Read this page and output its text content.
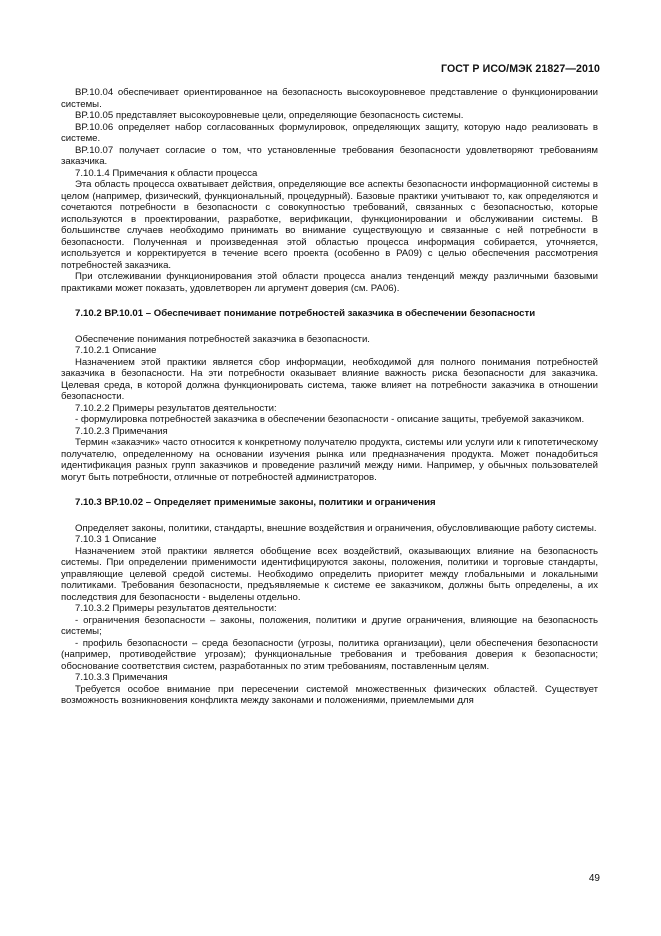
ГОСТ Р ИСО/МЭК 21827—2010

BP.10.04 обеспечивает ориентированное на безопасность высокоуровневое представление о функционировании системы.

BP.10.05 представляет высокоуровневые цели, определяющие безопасность системы.

BP.10.06 определяет набор согласованных формулировок, определяющих защиту, которую надо реализовать в системе.

BP.10.07 получает согласие о том, что установленные требования безопасности удовлетворяют требованиям заказчика.

7.10.1.4 Примечания к области процесса

Эта область процесса охватывает действия, определяющие все аспекты безопасности информационной системы в целом (например, физический, функциональный, процедурный). Базовые практики учитывают то, как определяются и сочетаются потребности в безопасности с совокупностью требований, связанных с безопасностью, которые используются в проектировании, разработке, верификации, функционировании и обслуживании системы. В большинстве случаев необходимо принимать во внимание существующую и связанные с ней потребности в безопасности. Полученная и произведенная этой областью процесса информация собирается, уточняется, используется и корректируется в течение всего проекта (особенно в PA09) с целью обеспечения рассмотрения потребностей заказчика.

При отслеживании функционирования этой области процесса анализ тенденций между различными базовыми практиками может показать, удовлетворен ли аргумент доверия (см. PA06).

7.10.2 BP.10.01 – Обеспечивает понимание потребностей заказчика в обеспечении безопасности

Обеспечение понимания потребностей заказчика в безопасности.

7.10.2.1 Описание

Назначением этой практики является сбор информации, необходимой для полного понимания потребностей заказчика в безопасности. На эти потребности оказывает влияние важность риска безопасности для заказчика. Целевая среда, в которой должна функционировать система, также влияет на потребности заказчика в отношении безопасности.

7.10.2.2 Примеры результатов деятельности:

- формулировка потребностей заказчика в обеспечении безопасности - описание защиты, требуемой заказчиком.

7.10.2.3 Примечания

Термин «заказчик» часто относится к конкретному получателю продукта, системы или услуги или к гипотетическому получателю, определенному на основании изучения рынка или предназначения продукта. Может понадобиться идентификация разных групп заказчиков и проведение различий между ними. Например, у обычных пользователей могут быть потребности, отличные от потребностей администраторов.

7.10.3 BP.10.02 – Определяет применимые законы, политики и ограничения

Определяет законы, политики, стандарты, внешние воздействия и ограничения, обусловливающие работу системы.

7.10.3 1 Описание

Назначением этой практики является обобщение всех воздействий, оказывающих влияние на безопасность системы. При определении применимости идентифицируются законы, положения, политики и торговые стандарты, управляющие целевой средой системы. Необходимо определить приоритет между глобальными и локальными политиками. Требования безопасности, предъявляемые к системе ее заказчиком, должны быть определены, а их последствия для безопасности - выделены отдельно.

7.10.3.2 Примеры результатов деятельности:

- ограничения безопасности – законы, положения, политики и другие ограничения, влияющие на безопасность системы;

- профиль безопасности – среда безопасности (угрозы, политика организации), цели обеспечения безопасности (например, противодействие угрозам); функциональные требования и требования доверия к безопасности; обоснование соответствия систем, разработанных по этим требованиям, поставленным целям.

7.10.3.3 Примечания

Требуется особое внимание при пересечении системой множественных физических областей. Существует возможность возникновения конфликта между законами и положениями, приемлемыми для

49
